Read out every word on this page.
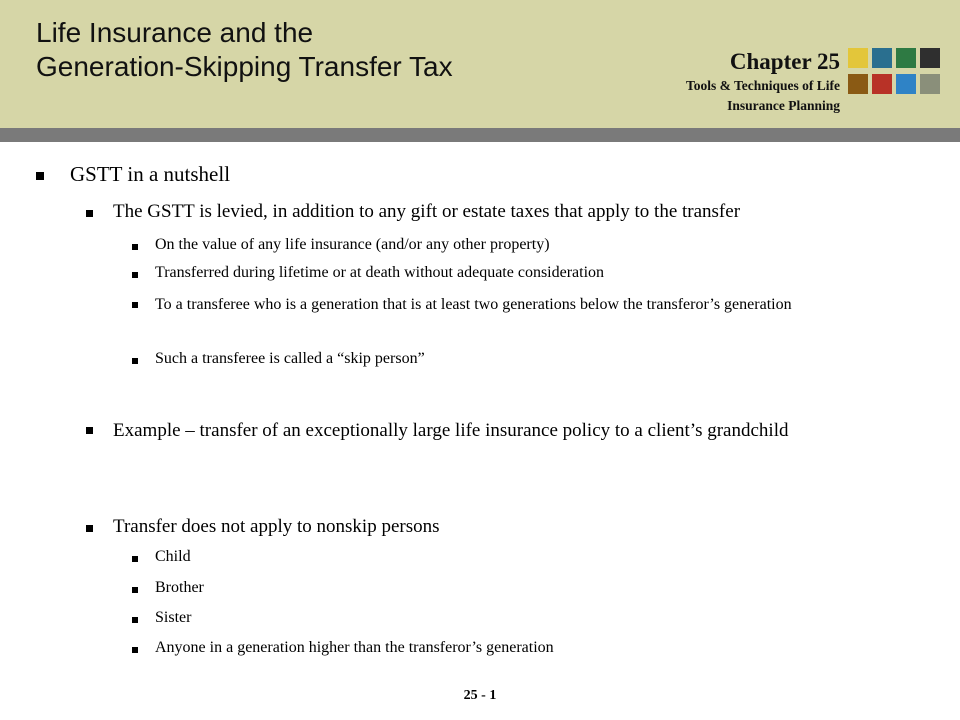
Life Insurance and the
Generation-Skipping Transfer Tax	Chapter 25
Tools & Techniques of Life
Insurance Planning
GSTT in a nutshell
The GSTT is levied, in addition to any gift or estate taxes that apply to the transfer
On the value of any life insurance (and/or any other property)
Transferred during lifetime or at death without adequate consideration
To a transferee who is a generation that is at least two generations below the transferor’s generation
Such a transferee is called a “skip person”
Example – transfer of an exceptionally large life insurance policy to a client’s grandchild
Transfer does not apply to nonskip persons
Child
Brother
Sister
Anyone in a generation higher than the transferor’s generation
25 - 1
